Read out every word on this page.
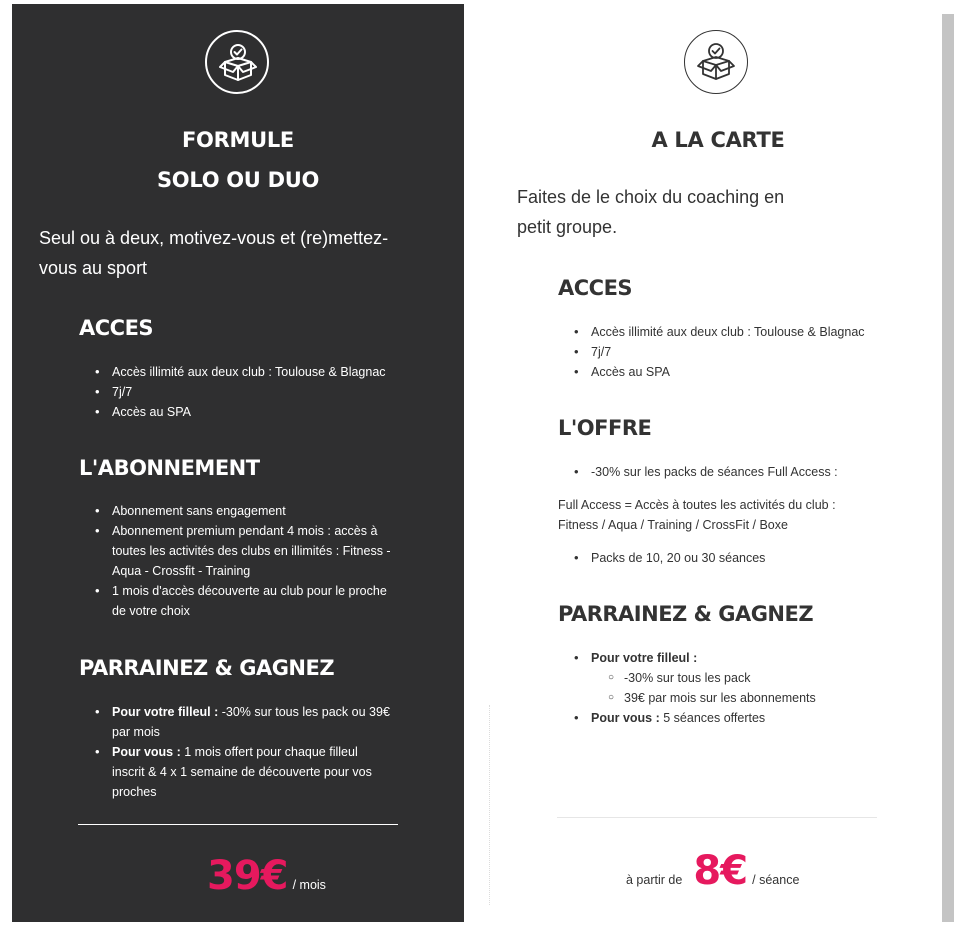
FORMULE
SOLO OU DUO
Seul ou à deux, motivez-vous et (re)mettez-
vous au sport
ACCES
• Accès illimité aux deux club : Toulouse & Blagnac
• 7j/7
• Accès au SPA
L'ABONNEMENT
• Abonnement sans engagement
• Abonnement premium pendant 4 mois : accès à toutes les activités des clubs en illimités : Fitness - Aqua - Crossfit - Training
• 1 mois d'accès découverte au club pour le proche de votre choix
PARRAINEZ & GAGNEZ
• Pour votre filleul : -30% sur tous les pack ou 39€ par mois
• Pour vous : 1 mois offert pour chaque filleul inscrit & 4 x 1 semaine de découverte pour vos proches
39€ / mois
A LA CARTE
Faites de le choix du coaching en
petit groupe.
ACCES
• Accès illimité aux deux club : Toulouse & Blagnac
• 7j/7
• Accès au SPA
L'OFFRE
• -30% sur les packs de séances Full Access :
Full Access = Accès à toutes les activités du club :
Fitness / Aqua / Training / CrossFit / Boxe
• Packs de 10, 20 ou 30 séances
PARRAINEZ & GAGNEZ
• Pour votre filleul :
○ -30% sur tous les pack
○ 39€ par mois sur les abonnements
• Pour vous : 5 séances offertes
à partir de 8€ / séance
